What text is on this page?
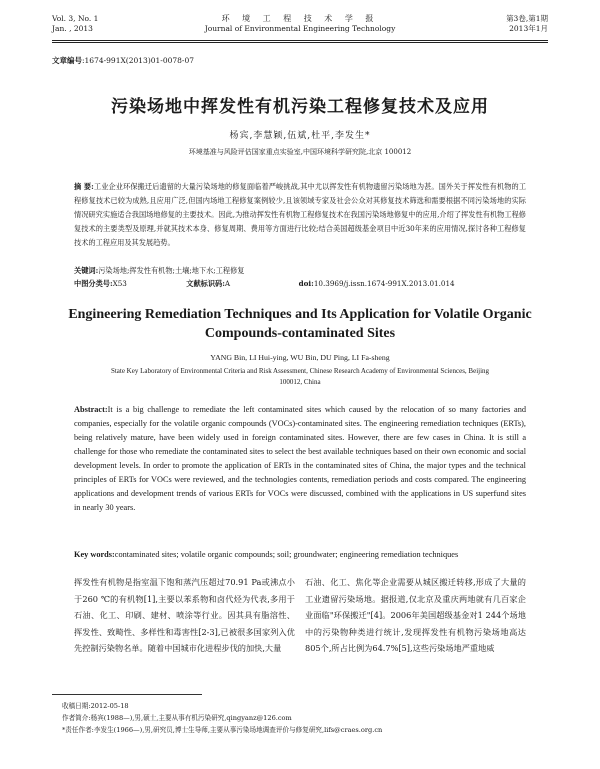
Vol. 3, No. 1
Jan. , 2013
环 境 工 程 技 术 学 报
Journal of Environmental Engineering Technology
第3卷,第1期
2013年1月
文章编号:1674-991X(2013)01-0078-07
污染场地中挥发性有机污染工程修复技术及应用
杨宾,李慧颖,伍斌,杜平,李发生*
环境基准与风险评估国家重点实验室,中国环境科学研究院,北京 100012
摘 要:工业企业环保搬迁后遗留的大量污染场地的修复面临着严峻挑战,其中尤以挥发性有机物遗留污染场地为甚。国外关于挥发性有机物的工程修复技术已较为成熟,且应用广泛,但国内场地工程修复案例较少,且该领域专家及社会公众对其修复技术筛选和需要根据不同污染场地的实际情况研究实施适合我国场地修复的主要技术。因此,为推动挥发性有机物工程修复技术在我国污染场地修复中的应用,介绍了挥发性有机物工程修复技术的主要类型及原理,并就其技术本身、修复周期、费用等方面进行比较;结合美国超级基金项目中近30年来的应用情况,探讨各种工程修复技术的工程应用及其发展趋势。
关键词:污染场地;挥发性有机物;土壤;地下水;工程修复
中图分类号:X53	文献标识码:A	doi:10.3969/j.issn.1674-991X.2013.01.014
Engineering Remediation Techniques and Its Application for Volatile Organic
Compounds-contaminated Sites
YANG Bin, LI Hui-ying, WU Bin, DU Ping, LI Fa-sheng
State Key Laboratory of Environmental Criteria and Risk Assessment, Chinese Research Academy of Environmental Sciences, Beijing 100012, China
Abstract:It is a big challenge to remediate the left contaminated sites which caused by the relocation of so many factories and companies, especially for the volatile organic compounds (VOCs)-contaminated sites. The engineering remediation techniques (ERTs), being relatively mature, have been widely used in foreign contaminated sites. However, there are few cases in China. It is still a challenge for those who remediate the contaminated sites to select the best available techniques based on their own economic and social development levels. In order to promote the application of ERTs in the contaminated sites of China, the major types and the technical principles of ERTs for VOCs were reviewed, and the technologies contents, remediation periods and costs compared. The engineering applications and development trends of various ERTs for VOCs were discussed, combined with the applications in US superfund sites in nearly 30 years.
Key words:contaminated sites; volatile organic compounds; soil; groundwater; engineering remediation techniques
挥发性有机物是指室温下饱和蒸汽压超过70.91 Pa或沸点小于260 ℃的有机物[1],主要以苯系物和卤代烃为代表,多用于石油、化工、印刷、建材、喷涂等行业。因其具有脂溶性、挥发性、致畸性、多样性和毒害性[2-3],已被很多国家列入优先控制污染物名单。随着中国城市化进程步伐的加快,大量
石油、化工、焦化等企业需要从城区搬迁转移,形成了大量的工业遗留污染场地。据报道,仅北京及重庆两地就有几百家企业面临"环保搬迁"[4]。2006年美国超级基金对1 244个场地中的污染物种类进行统计,发现挥发性有机物污染场地高达805个,所占比例为64.7%[5],这些污染场地严重地威
收稿日期:2012-05-18
作者简介:杨宾(1988—),男,硕士,主要从事有机污染研究,qingyanz@126.com
*责任作者:李发生(1966—),男,研究员,博士生导师,主要从事污染场地调查评价与修复研究,lifs@craes.org.cn
